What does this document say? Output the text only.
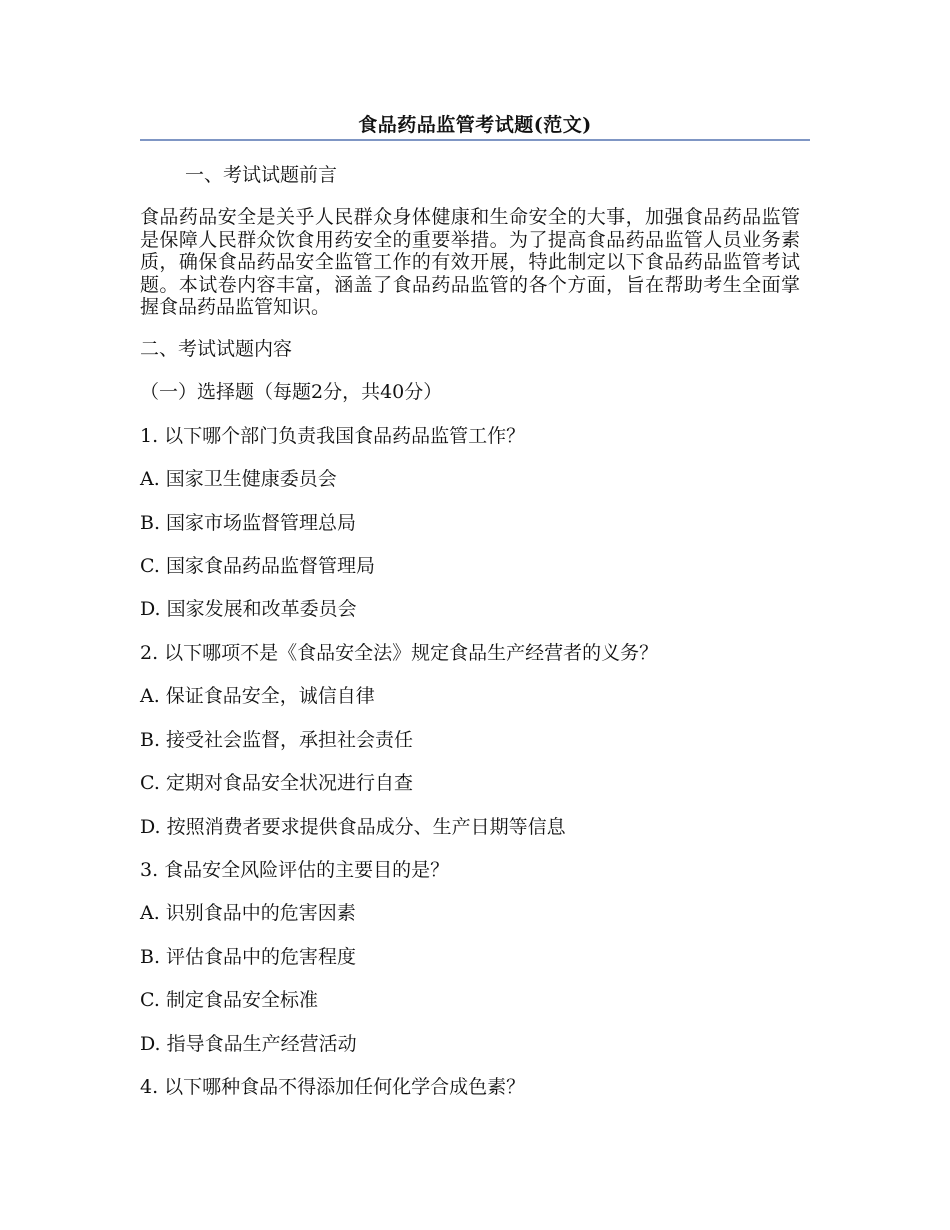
食品药品监管考试题(范文)
一、考试试题前言
食品药品安全是关乎人民群众身体健康和生命安全的大事，加强食品药品监管是保障人民群众饮食用药安全的重要举措。为了提高食品药品监管人员业务素质，确保食品药品安全监管工作的有效开展，特此制定以下食品药品监管考试题。本试卷内容丰富，涵盖了食品药品监管的各个方面，旨在帮助考生全面掌握食品药品监管知识。
二、考试试题内容
（一）选择题（每题2分，共40分）
1. 以下哪个部门负责我国食品药品监管工作？
A. 国家卫生健康委员会
B. 国家市场监督管理总局
C. 国家食品药品监督管理局
D. 国家发展和改革委员会
2. 以下哪项不是《食品安全法》规定食品生产经营者的义务？
A. 保证食品安全，诚信自律
B. 接受社会监督，承担社会责任
C. 定期对食品安全状况进行自查
D. 按照消费者要求提供食品成分、生产日期等信息
3. 食品安全风险评估的主要目的是？
A. 识别食品中的危害因素
B. 评估食品中的危害程度
C. 制定食品安全标准
D. 指导食品生产经营活动
4. 以下哪种食品不得添加任何化学合成色素？
